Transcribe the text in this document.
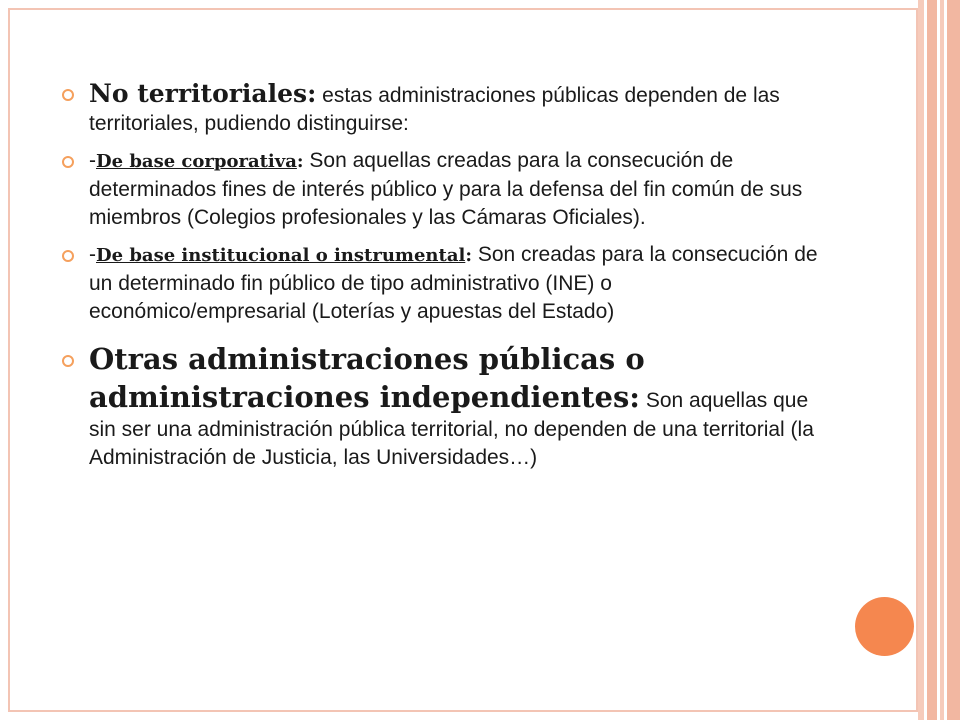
No territoriales: estas administraciones públicas dependen de las territoriales, pudiendo distinguirse:
-De base corporativa: Son aquellas creadas para la consecución de determinados fines de interés público y para la defensa del fin común de sus miembros (Colegios profesionales y las Cámaras Oficiales).
-De base institucional o instrumental: Son creadas para la consecución de un determinado fin público de tipo administrativo (INE) o económico/empresarial (Loterías y apuestas del Estado)
Otras administraciones públicas o administraciones independientes: Son aquellas que sin ser una administración pública territorial, no dependen de una territorial (la Administración de Justicia, las Universidades…)
